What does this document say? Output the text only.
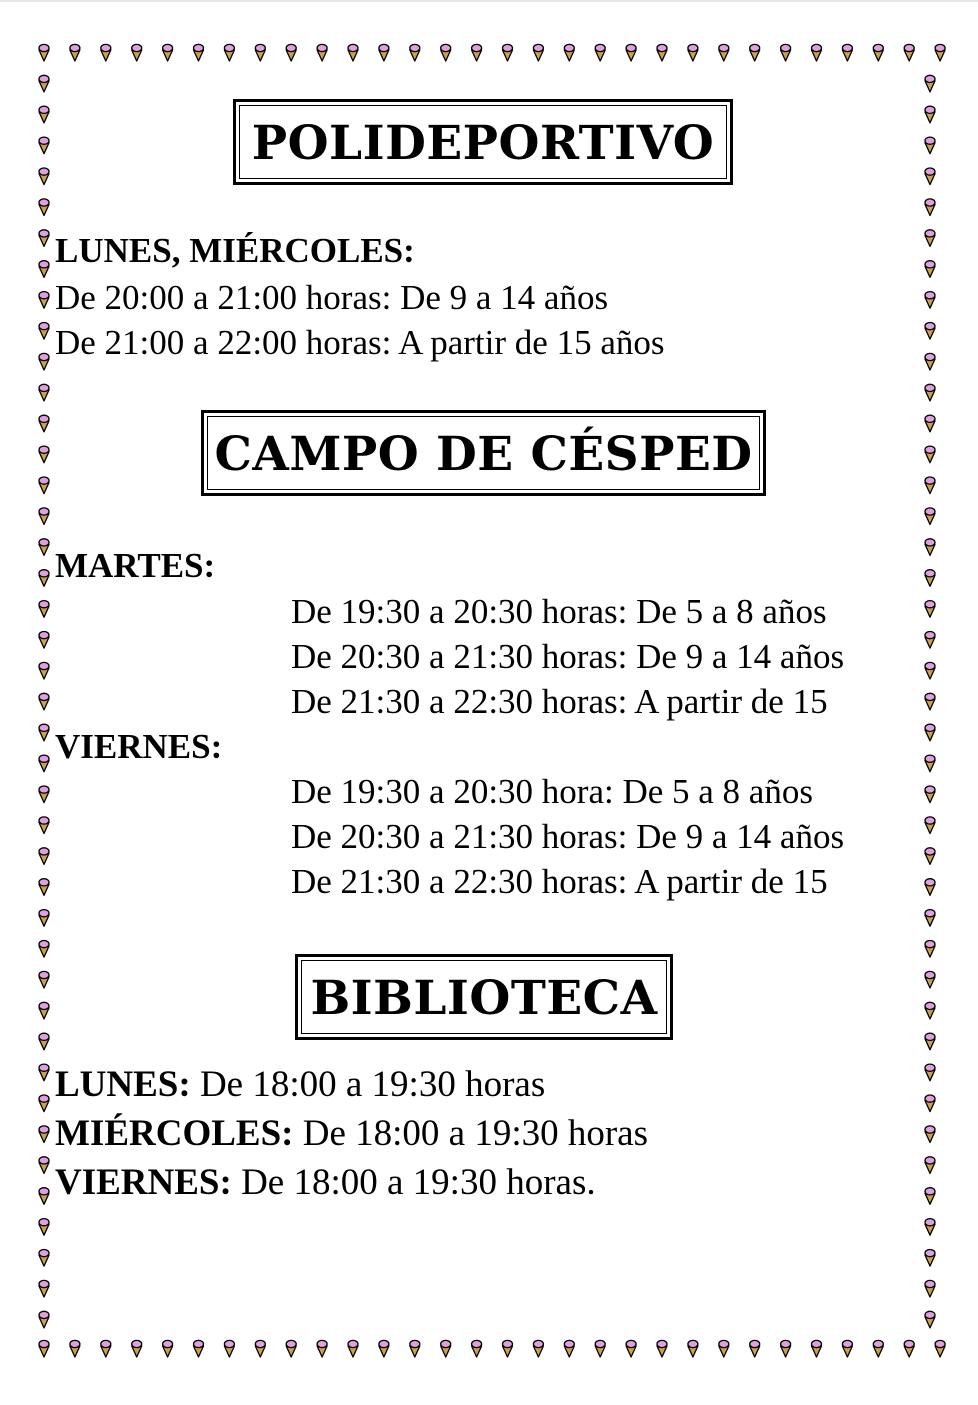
POLIDEPORTIVO
LUNES, MIÉRCOLES:
De 20:00 a 21:00 horas: De 9 a 14 años
De 21:00 a 22:00 horas: A partir de 15 años
CAMPO DE CÉSPED
MARTES:
De 19:30 a 20:30 horas: De 5 a 8 años
De 20:30 a 21:30 horas: De 9 a 14 años
De 21:30 a 22:30 horas: A partir de 15
VIERNES:
De 19:30 a 20:30 hora: De 5 a 8 años
De 20:30 a 21:30 horas: De 9 a 14 años
De 21:30 a 22:30 horas: A partir de 15
BIBLIOTECA
LUNES: De 18:00 a 19:30 horas
MIÉRCOLES: De 18:00 a 19:30 horas
VIERNES: De 18:00 a 19:30 horas.
